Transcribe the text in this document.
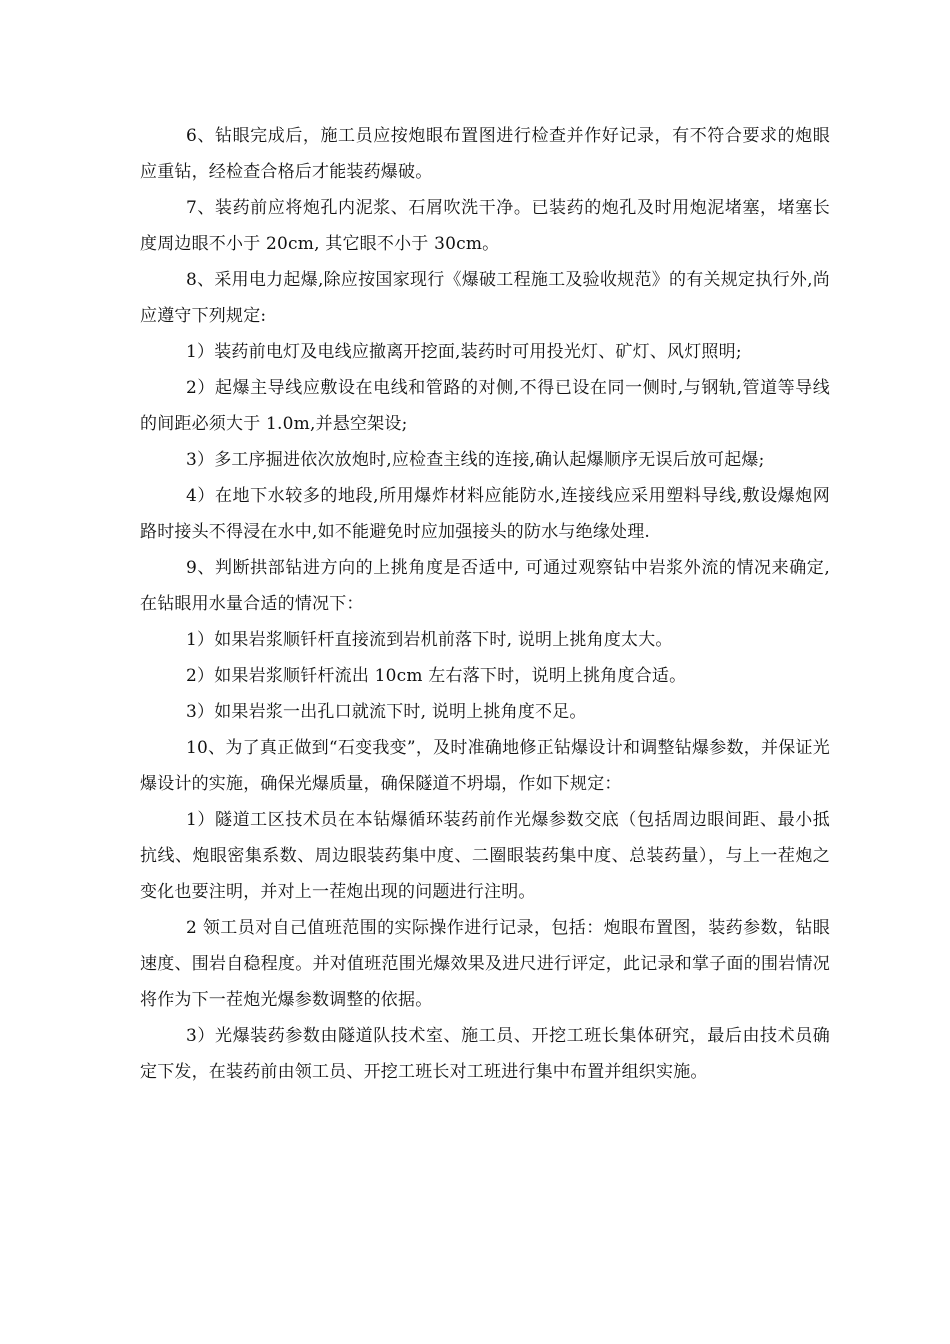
6、钻眼完成后，施工员应按炮眼布置图进行检查并作好记录，有不符合要求的炮眼应重钻，经检查合格后才能装药爆破。

7、装药前应将炮孔内泥浆、石屑吹洗干净。已装药的炮孔及时用炮泥堵塞，堵塞长度周边眼不小于 20cm, 其它眼不小于 30cm。

8、采用电力起爆,除应按国家现行《爆破工程施工及验收规范》的有关规定执行外,尚应遵守下列规定:

1）装药前电灯及电线应撤离开挖面,装药时可用投光灯、矿灯、风灯照明;

2）起爆主导线应敷设在电线和管路的对侧,不得已设在同一侧时,与钢轨,管道等导线的间距必须大于 1.0m,并悬空架设;

3）多工序掘进依次放炮时,应检查主线的连接,确认起爆顺序无误后放可起爆;

4）在地下水较多的地段,所用爆炸材料应能防水,连接线应采用塑料导线,敷设爆炮网路时接头不得浸在水中,如不能避免时应加强接头的防水与绝缘处理.

9、判断拱部钻进方向的上挑角度是否适中, 可通过观察钻中岩浆外流的情况来确定, 在钻眼用水量合适的情况下：

1）如果岩浆顺钎杆直接流到岩机前落下时, 说明上挑角度太大。

2）如果岩浆顺钎杆流出 10cm 左右落下时，说明上挑角度合适。

3）如果岩浆一出孔口就流下时, 说明上挑角度不足。

10、为了真正做到“石变我变”，及时准确地修正钻爆设计和调整钻爆参数，并保证光爆设计的实施，确保光爆质量，确保隧道不坍塌，作如下规定：

1）隧道工区技术员在本钻爆循环装药前作光爆参数交底（包括周边眼间距、最小抵抗线、炮眼密集系数、周边眼装药集中度、二圈眼装药集中度、总装药量），与上一茬炮之变化也要注明，并对上一茬炮出现的问题进行注明。

2 领工员对自己值班范围的实际操作进行记录，包括：炮眼布置图，装药参数，钻眼速度、围岩自稳程度。并对值班范围光爆效果及进尺进行评定，此记录和掌子面的围岩情况将作为下一茬炮光爆参数调整的依据。

3）光爆装药参数由隧道队技术室、施工员、开挖工班长集体研究，最后由技术员确定下发，在装药前由领工员、开挖工班长对工班进行集中布置并组织实施。
